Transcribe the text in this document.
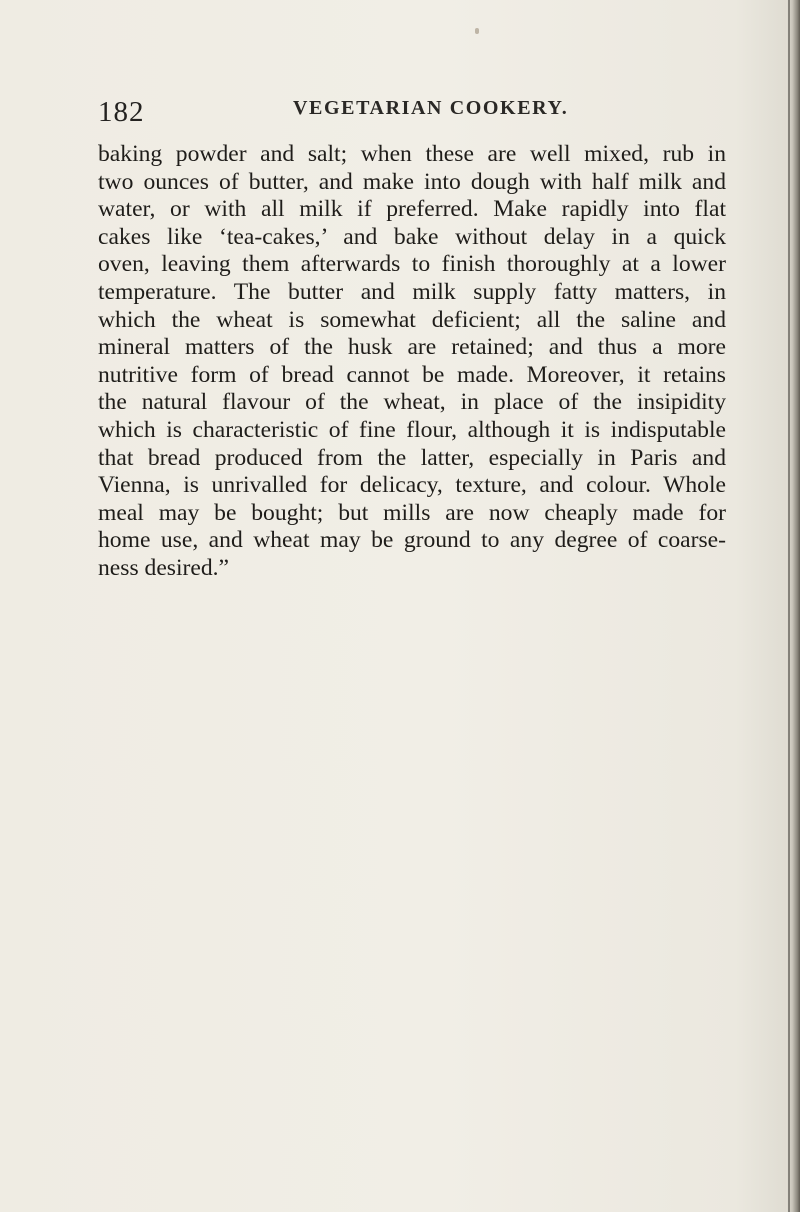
182	VEGETARIAN COOKERY.
baking powder and salt; when these are well mixed, rub in
two ounces of butter, and make into dough with half milk and
water, or with all milk if preferred. Make rapidly into flat
cakes like ‘tea-cakes,’ and bake without delay in a quick
oven, leaving them afterwards to finish thoroughly at a lower
temperature. The butter and milk supply fatty matters, in
which the wheat is somewhat deficient; all the saline and
mineral matters of the husk are retained; and thus a more
nutritive form of bread cannot be made. Moreover, it retains
the natural flavour of the wheat, in place of the insipidity
which is characteristic of fine flour, although it is indisputable
that bread produced from the latter, especially in Paris and
Vienna, is unrivalled for delicacy, texture, and colour. Whole
meal may be bought; but mills are now cheaply made for
home use, and wheat may be ground to any degree of coarse-
ness desired.”
